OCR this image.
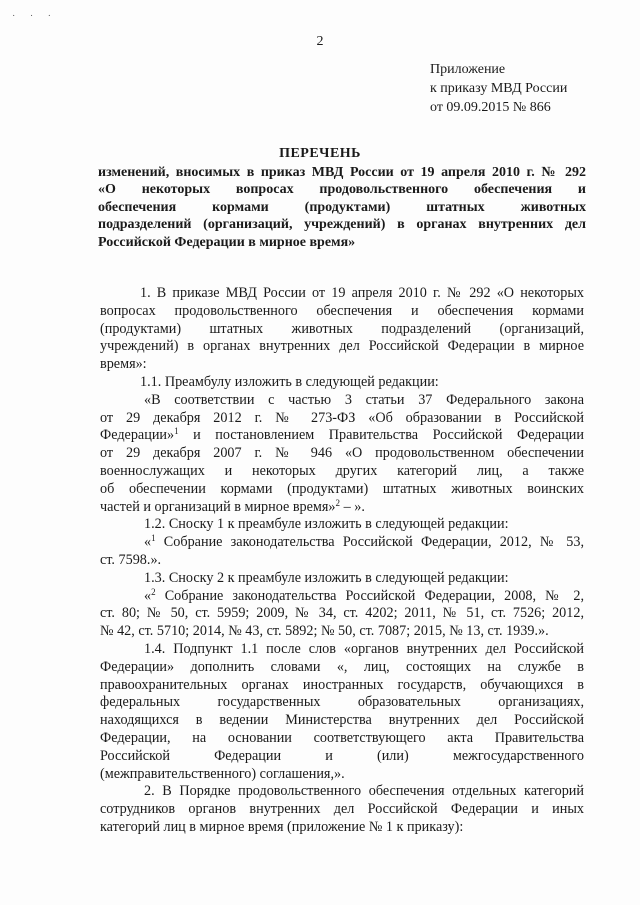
˙ ˙ ˙
2
Приложение
к приказу МВД России
от 09.09.2015 № 866
ПЕРЕЧЕНЬ
изменений, вносимых в приказ МВД России от 19 апреля 2010 г. № 292
«О некоторых вопросах продовольственного обеспечения и
обеспечения кормами (продуктами) штатных животных
подразделений (организаций, учреждений) в органах внутренних дел
Российской Федерации в мирное время»
1. В приказе МВД России от 19 апреля 2010 г. № 292 «О некоторых
вопросах продовольственного обеспечения и обеспечения кормами
(продуктами) штатных животных подразделений (организаций,
учреждений) в органах внутренних дел Российской Федерации в мирное
время»:
1.1. Преамбулу изложить в следующей редакции:
«В соответствии с частью 3 статьи 37 Федерального закона
от 29 декабря 2012 г. № 273-ФЗ «Об образовании в Российской
Федерации»$^1$ и постановлением Правительства Российской Федерации
от 29 декабря 2007 г. № 946 «О продовольственном обеспечении
военнослужащих и некоторых других категорий лиц, а также
об обеспечении кормами (продуктами) штатных животных воинских
частей и организаций в мирное время»$^2$ – ».
1.2. Сноску 1 к преамбуле изложить в следующей редакции:
«$^1$ Собрание законодательства Российской Федерации, 2012, № 53,
ст. 7598.».
1.3. Сноску 2 к преамбуле изложить в следующей редакции:
«$^2$ Собрание законодательства Российской Федерации, 2008, № 2,
ст. 80; № 50, ст. 5959; 2009, № 34, ст. 4202; 2011, № 51, ст. 7526; 2012,
№ 42, ст. 5710; 2014, № 43, ст. 5892; № 50, ст. 7087; 2015, № 13, ст. 1939.».
1.4. Подпункт 1.1 после слов «органов внутренних дел Российской
Федерации» дополнить словами «, лиц, состоящих на службе в
правоохранительных органах иностранных государств, обучающихся в
федеральных государственных образовательных организациях,
находящихся в ведении Министерства внутренних дел Российской
Федерации, на основании соответствующего акта Правительства
Российской Федерации и (или) межгосударственного
(межправительственного) соглашения,».
2. В Порядке продовольственного обеспечения отдельных категорий
сотрудников органов внутренних дел Российской Федерации и иных
категорий лиц в мирное время (приложение № 1 к приказу):
